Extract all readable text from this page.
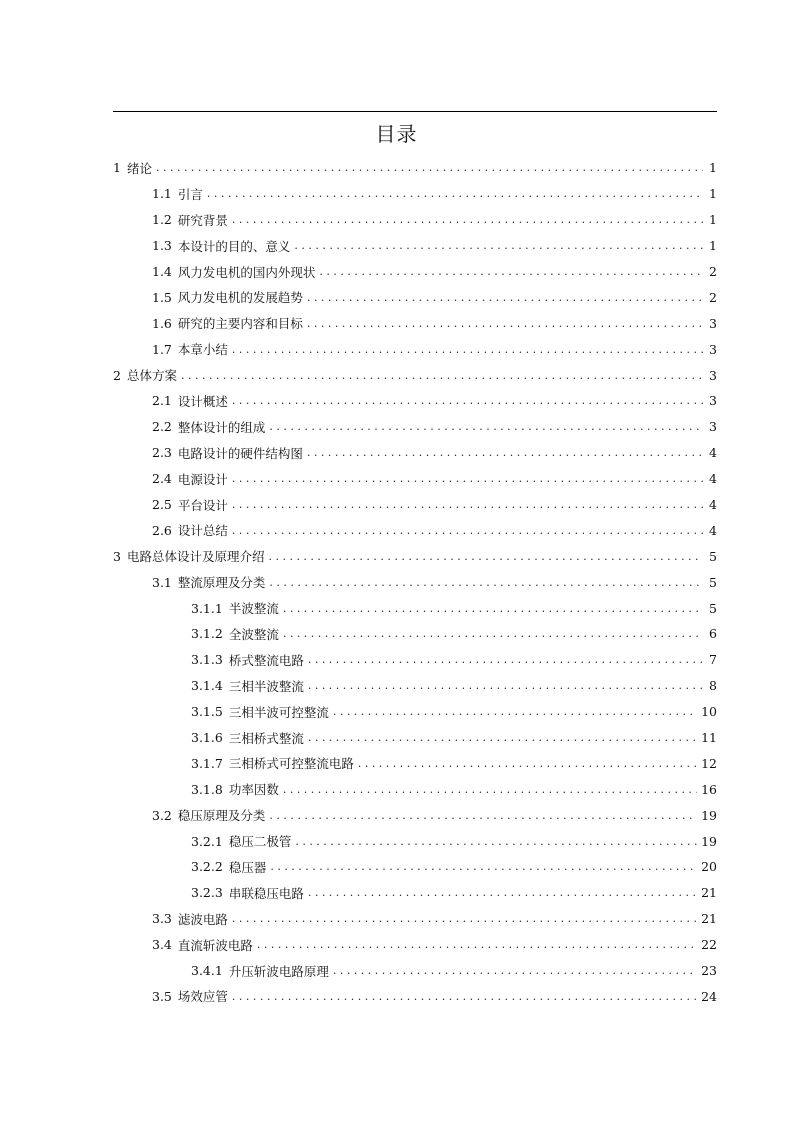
目录
1 绪论 . . .	1
1.1 引言 . . .	1
1.2 研究背景 . . .	1
1.3 本设计的目的、意义 . . .	1
1.4 风力发电机的国内外现状 . . .	2
1.5 风力发电机的发展趋势 . . .	2
1.6 研究的主要内容和目标 . . .	3
1.7 本章小结 . . .	3
2 总体方案 . . .	3
2.1 设计概述 . . .	3
2.2 整体设计的组成 . . .	3
2.3 电路设计的硬件结构图 . . .	4
2.4 电源设计 . . .	4
2.5 平台设计 . . .	4
2.6 设计总结 . . .	4
3 电路总体设计及原理介绍 . . .	5
3.1 整流原理及分类 . . .	5
3.1.1 半波整流 . . .	5
3.1.2 全波整流 . . .	6
3.1.3 桥式整流电路 . . .	7
3.1.4 三相半波整流 . . .	8
3.1.5 三相半波可控整流 . . .	10
3.1.6 三相桥式整流 . . .	11
3.1.7 三相桥式可控整流电路 . . .	12
3.1.8 功率因数 . . .	16
3.2 稳压原理及分类 . . .	19
3.2.1 稳压二极管 . . .	19
3.2.2 稳压器 . . .	20
3.2.3 串联稳压电路 . . .	21
3.3 滤波电路 . . .	21
3.4 直流斩波电路 . . .	22
3.4.1 升压斩波电路原理 . . .	23
3.5 场效应管 . . .	24
